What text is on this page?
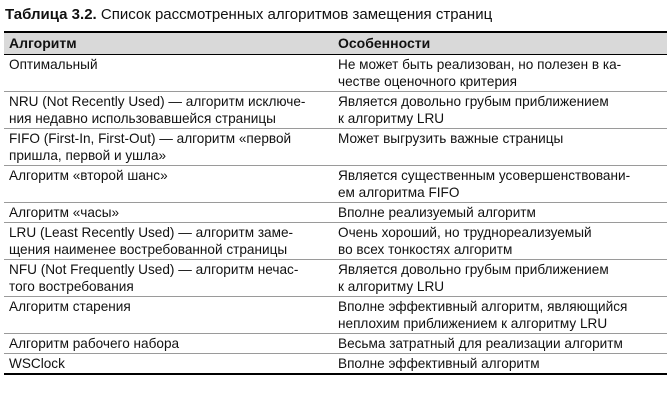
Таблица 3.2. Список рассмотренных алгоритмов замещения страниц
Алгоритм	Особенности

Оптимальный	Не может быть реализован, но полезен в ка-
честве оценочного критерия

NRU (Not Recently Used) — алгоритм исключе-
ния недавно использовавшейся страницы	Является довольно грубым приближением
к алгоритму LRU

FIFO (First-In, First-Out) — алгоритм «первой
пришла, первой и ушла»	Может выгрузить важные страницы

Алгоритм «второй шанс»	Является существенным усовершенствовани-
ем алгоритма FIFO

Алгоритм «часы»	Вполне реализуемый алгоритм

LRU (Least Recently Used) — алгоритм заме-
щения наименее востребованной страницы	Очень хороший, но труднореализуемый
во всех тонкостях алгоритм

NFU (Not Frequently Used) — алгоритм нечас-
того востребования	Является довольно грубым приближением
к алгоритму LRU

Алгоритм старения	Вполне эффективный алгоритм, являющийся
неплохим приближением к алгоритму LRU

Алгоритм рабочего набора	Весьма затратный для реализации алгоритм

WSClock	Вполне эффективный алгоритм
